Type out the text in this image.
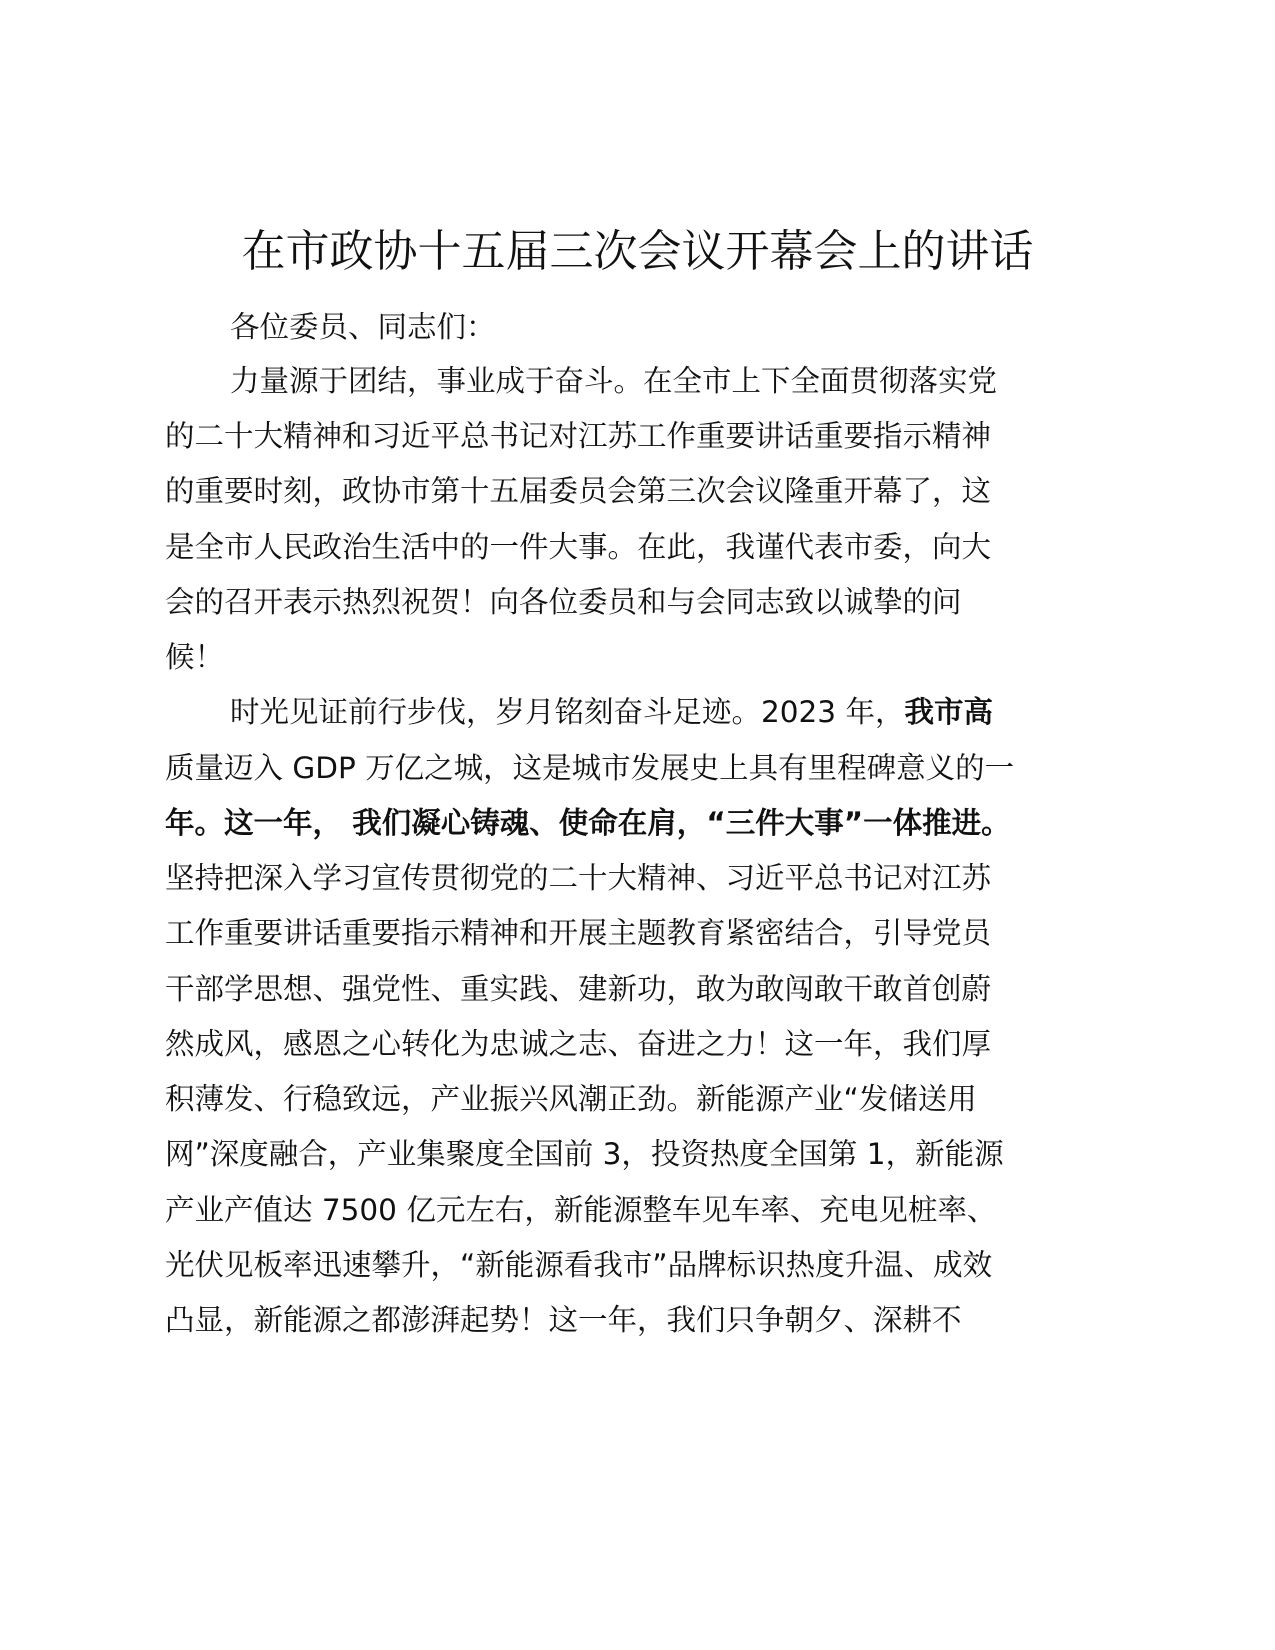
在市政协十五届三次会议开幕会上的讲话

各位委员、同志们：

力量源于团结，事业成于奋斗。在全市上下全面贯彻落实党

的二十大精神和习近平总书记对江苏工作重要讲话重要指示精神

的重要时刻，政协市第十五届委员会第三次会议隆重开幕了，这

是全市人民政治生活中的一件大事。在此，我谨代表市委，向大

会的召开表示热烈祝贺！向各位委员和与会同志致以诚挚的问

候！

时光见证前行步伐，岁月铭刻奋斗足迹。2023 年，我市高

质量迈入 GDP 万亿之城，这是城市发展史上具有里程碑意义的一

年。这一年， 我们凝心铸魂、使命在肩，“三件大事”一体推进。

坚持把深入学习宣传贯彻党的二十大精神、习近平总书记对江苏

工作重要讲话重要指示精神和开展主题教育紧密结合，引导党员

干部学思想、强党性、重实践、建新功，敢为敢闯敢干敢首创蔚

然成风，感恩之心转化为忠诚之志、奋进之力！这一年，我们厚

积薄发、行稳致远，产业振兴风潮正劲。新能源产业“发储送用

网”深度融合，产业集聚度全国前 3，投资热度全国第 1，新能源

产业产值达 7500 亿元左右，新能源整车见车率、充电见桩率、

光伏见板率迅速攀升，“新能源看我市”品牌标识热度升温、成效

凸显，新能源之都澎湃起势！这一年，我们只争朝夕、深耕不
